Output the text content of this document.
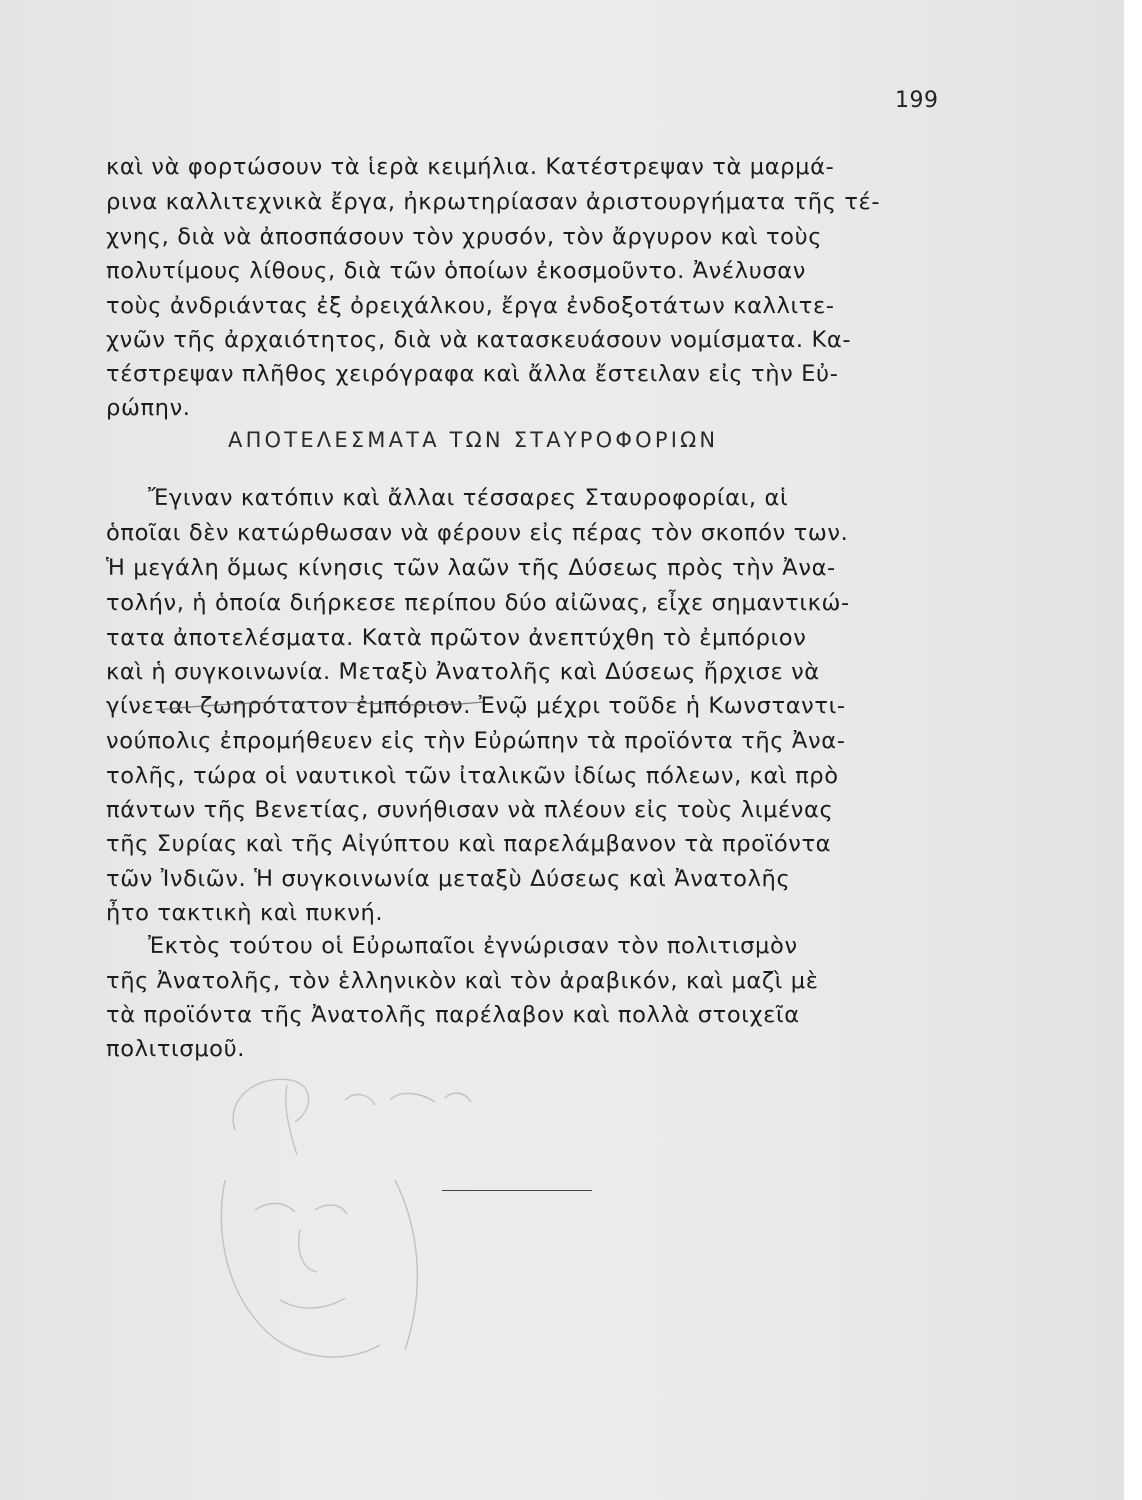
199
καὶ νὰ φορτώσουν τὰ ἱερὰ κειμήλια. Κατέστρεψαν τὰ μαρμά-
ρινα καλλιτεχνικὰ ἔργα, ἠκρωτηρίασαν ἀριστουργήματα τῆς τέ-
χνης, διὰ νὰ ἀποσπάσουν τὸν χρυσόν, τὸν ἄργυρον καὶ τοὺς
πολυτίμους λίθους, διὰ τῶν ὁποίων ἐκοσμοῦντο. Ἀνέλυσαν
τοὺς ἀνδριάντας ἐξ ὀρειχάλκου, ἔργα ἐνδοξοτάτων καλλιτε-
χνῶν τῆς ἀρχαιότητος, διὰ νὰ κατασκευάσουν νομίσματα. Κα-
τέστρεψαν πλῆθος χειρόγραφα καὶ ἄλλα ἔστειλαν εἰς τὴν Εὐ-
ρώπην.
ΑΠΟΤΕΛΕΣΜΑΤΑ ΤΩΝ ΣΤΑΥΡΟΦΟΡΙΩΝ
Ἔγιναν κατόπιν καὶ ἄλλαι τέσσαρες Σταυροφορίαι, αἱ
ὁποῖαι δὲν κατώρθωσαν νὰ φέρουν εἰς πέρας τὸν σκοπόν των.
Ἡ μεγάλη ὅμως κίνησις τῶν λαῶν τῆς Δύσεως πρὸς τὴν Ἀνα-
τολήν, ἡ ὁποία διήρκεσε περίπου δύο αἰῶνας, εἶχε σημαντικώ-
τατα ἀποτελέσματα. Κατὰ πρῶτον ἀνεπτύχθη τὸ ἐμπόριον
καὶ ἡ συγκοινωνία. Μεταξὺ Ἀνατολῆς καὶ Δύσεως ἤρχισε νὰ
γίνεται ζωηρότατον ἐμπόριον. Ἐνῷ μέχρι τοῦδε ἡ Κωνσταντι-
νούπολις ἐπρομήθευεν εἰς τὴν Εὐρώπην τὰ προϊόντα τῆς Ἀνα-
τολῆς, τώρα οἱ ναυτικοὶ τῶν ἰταλικῶν ἰδίως πόλεων, καὶ πρὸ
πάντων τῆς Βενετίας, συνήθισαν νὰ πλέουν εἰς τοὺς λιμένας
τῆς Συρίας καὶ τῆς Αἰγύπτου καὶ παρελάμβανον τὰ προϊόντα
τῶν Ἰνδιῶν. Ἡ συγκοινωνία μεταξὺ Δύσεως καὶ Ἀνατολῆς
ἦτο τακτικὴ καὶ πυκνή.
Ἐκτὸς τούτου οἱ Εὐρωπαῖοι ἐγνώρισαν τὸν πολιτισμὸν
τῆς Ἀνατολῆς, τὸν ἑλληνικὸν καὶ τὸν ἀραβικόν, καὶ μαζὶ μὲ
τὰ προϊόντα τῆς Ἀνατολῆς παρέλαβον καὶ πολλὰ στοιχεῖα
πολιτισμοῦ.
